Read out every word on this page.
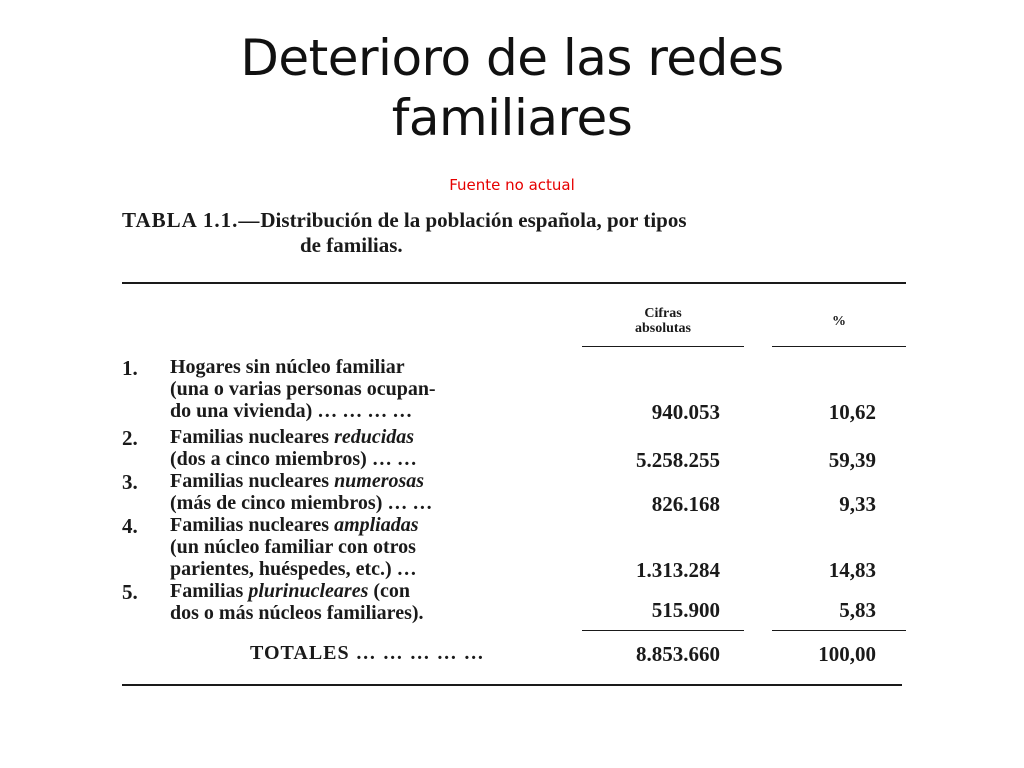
Deterioro de las redes
familiares
Fuente no actual
TABLA 1.1.—Distribución de la población española, por tipos
de familias.
Cifras
absolutas	%
1. Hogares sin núcleo familiar
(una o varias personas ocupan-
do una vivienda) … … … …	940.053	10,62
2. Familias nucleares reducidas
(dos a cinco miembros) … …	5.258.255	59,39
3. Familias nucleares numerosas
(más de cinco miembros) … …	826.168	9,33
4. Familias nucleares ampliadas
(un núcleo familiar con otros
parientes, huéspedes, etc.) …	1.313.284	14,83
5. Familias plurinucleares (con
dos o más núcleos familiares).	515.900	5,83
TOTALES … … … … …	8.853.660	100,00
